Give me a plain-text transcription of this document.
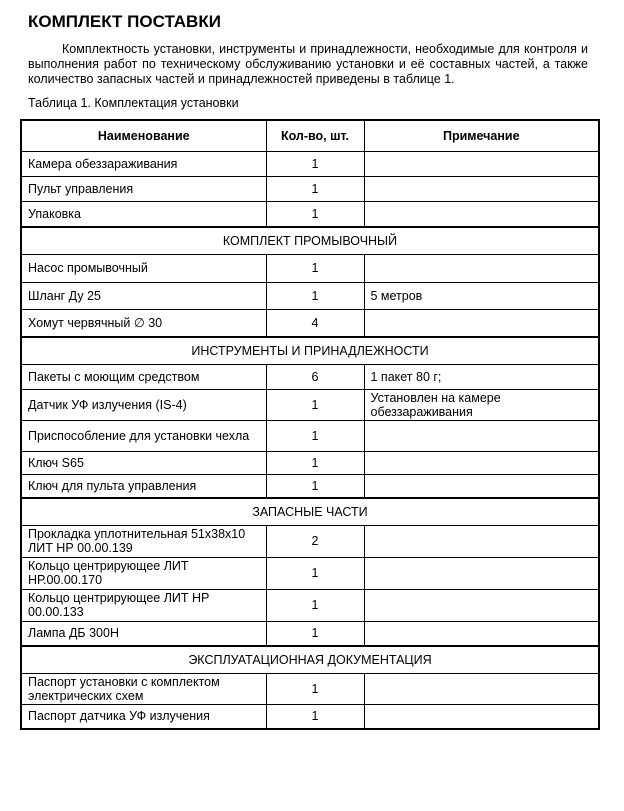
КОМПЛЕКТ ПОСТАВКИ
Комплектность установки, инструменты и принадлежности, необходимые для контроля и выполнения работ по техническому обслуживанию установки и её составных частей, а также количество запасных частей и принадлежностей приведены в таблице 1.
Таблица 1. Комплектация установки
Наименование	Кол-во, шт.	Примечание
Камера обеззараживания	1	
Пульт управления	1	
Упаковка	1	
КОМПЛЕКТ ПРОМЫВОЧНЫЙ		
Насос промывочный	1	
Шланг Ду 25	1	5 метров
Хомут червячный ∅ 30	4	
ИНСТРУМЕНТЫ И ПРИНАДЛЕЖНОСТИ		
Пакеты с моющим средством	6	1 пакет 80 г;
Датчик УФ излучения (IS-4)	1	Установлен на камере обеззараживания
Приспособление для установки чехла	1	
Ключ S65	1	
Ключ для пульта управления	1	
ЗАПАСНЫЕ ЧАСТИ		
Прокладка уплотнительная 51х38х10 ЛИТ НР 00.00.139	2	
Кольцо центрирующее ЛИТ НР.00.00.170	1	
Кольцо центрирующее ЛИТ НР 00.00.133	1	
Лампа ДБ 300Н	1	
ЭКСПЛУАТАЦИОННАЯ ДОКУМЕНТАЦИЯ		
Паспорт установки с комплектом электрических схем	1	
Паспорт датчика УФ излучения	1	
